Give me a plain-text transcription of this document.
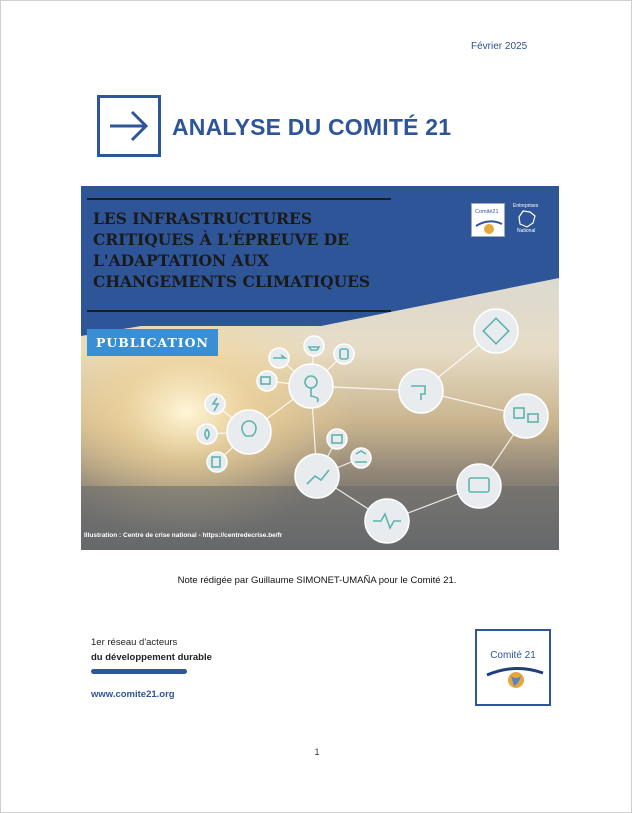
Février 2025
ANALYSE DU COMITÉ 21
LES INFRASTRUCTURES
CRITIQUES À L'ÉPREUVE DE
L'ADAPTATION AUX
CHANGEMENTS CLIMATIQUES
PUBLICATION
Comité21
Entreprises
National
Illustration : Centre de crise national - https://centredecrise.be/fr
Note rédigée par Guillaume SIMONET-UMAÑA pour le Comité 21.
1er réseau d'acteurs
du développement durable
www.comite21.org
Comité 21
1
